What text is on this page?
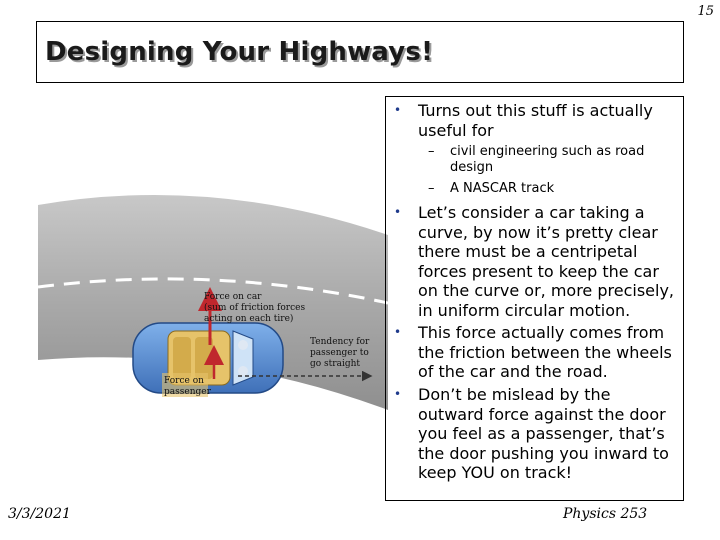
15
Designing Your Highways!
Force on car (sum of friction forces acting on each tire)
Tendency for passenger to go straight
Force on passenger
• Turns out this stuff is actually useful for
– civil engineering such as road design
– A NASCAR track
• Let’s consider a car taking a curve, by now it’s pretty clear there must be a centripetal forces present to keep the car on the curve or, more precisely, in uniform circular motion.
• This force actually comes from the friction between the wheels of the car and the road.
• Don’t be mislead by the outward force against the door you feel as a passenger, that’s the door pushing you inward to keep YOU on track!
3/3/2021	Physics 253
